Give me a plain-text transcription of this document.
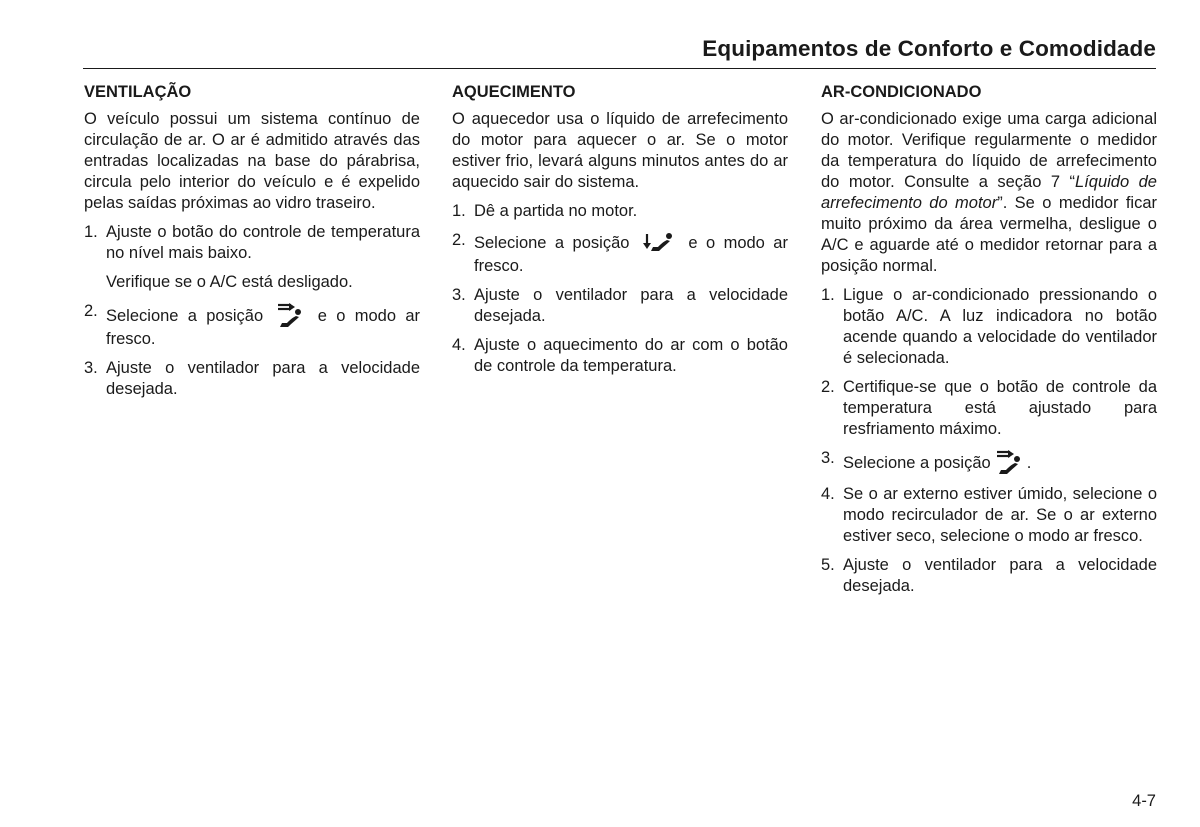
Equipamentos de Conforto e Comodidade
VENTILAÇÃO

O veículo possui um sistema contínuo de circulação de ar. O ar é admitido através das entradas localizadas na base do párabrisa, circula pelo interior do veículo e é expelido pelas saídas próximas ao vidro traseiro.

1. Ajuste o botão do controle de temperatura no nível mais baixo.

Verifique se o A/C está desligado.

2. Selecione a posição	e o modo ar fresco.
3. Ajuste o ventilador para a velocidade desejada.
AQUECIMENTO

O aquecedor usa o líquido de arrefecimento do motor para aquecer o ar. Se o motor estiver frio, levará alguns minutos antes do ar aquecido sair do sistema.

1. Dê a partida no motor.
2. Selecione a posição	e o modo ar fresco.
3. Ajuste o ventilador para a velocidade desejada.
4. Ajuste o aquecimento do ar com o botão de controle da temperatura.
AR-CONDICIONADO

O ar-condicionado exige uma carga adicional do motor. Verifique regularmente o medidor da temperatura do líquido de arrefecimento do motor. Consulte a seção 7 “Líquido de arrefecimento do motor”. Se o medidor ficar muito próximo da área vermelha, desligue o A/C e aguarde até o medidor retornar para a posição normal.

1. Ligue o ar-condicionado pressionando o botão A/C. A luz indicadora no botão acende quando a velocidade do ventilador é selecionada.
2. Certifique-se que o botão de controle da temperatura está ajustado para resfriamento máximo.
3. Selecione a posição .
4. Se o ar externo estiver úmido, selecione o modo recirculador de ar. Se o ar externo estiver seco, selecione o modo ar fresco.
5. Ajuste o ventilador para a velocidade desejada.
4-7
